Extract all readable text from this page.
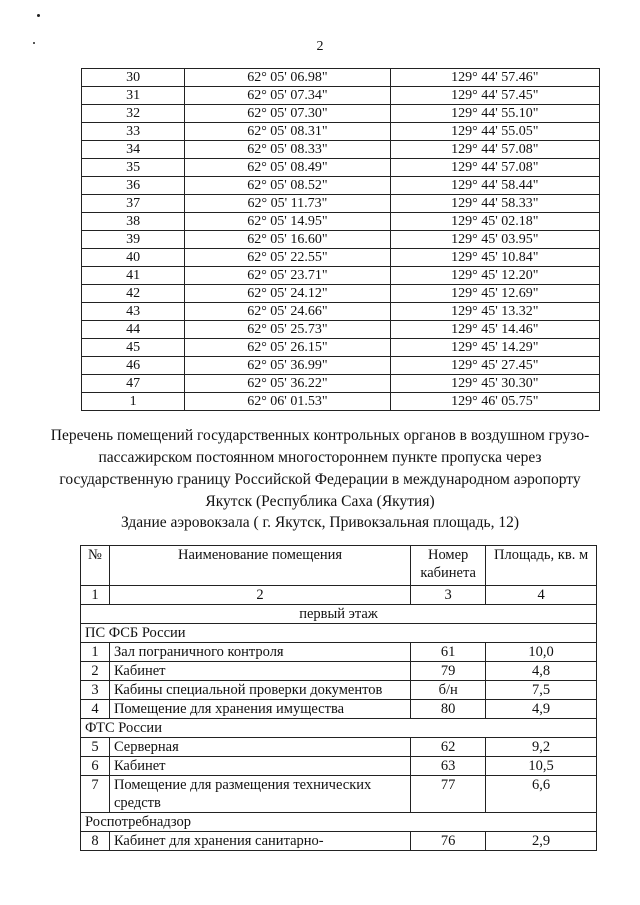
2
30	62° 05' 06.98"	129° 44' 57.46"
31	62° 05' 07.34"	129° 44' 57.45"
32	62° 05' 07.30"	129° 44' 55.10"
33	62° 05' 08.31"	129° 44' 55.05"
34	62° 05' 08.33"	129° 44' 57.08"
35	62° 05' 08.49"	129° 44' 57.08"
36	62° 05' 08.52"	129° 44' 58.44"
37	62° 05' 11.73"	129° 44' 58.33"
38	62° 05' 14.95"	129° 45' 02.18"
39	62° 05' 16.60"	129° 45' 03.95"
40	62° 05' 22.55"	129° 45' 10.84"
41	62° 05' 23.71"	129° 45' 12.20"
42	62° 05' 24.12"	129° 45' 12.69"
43	62° 05' 24.66"	129° 45' 13.32"
44	62° 05' 25.73"	129° 45' 14.46"
45	62° 05' 26.15"	129° 45' 14.29"
46	62° 05' 36.99"	129° 45' 27.45"
47	62° 05' 36.22"	129° 45' 30.30"
1	62° 06' 01.53"	129° 46' 05.75"
Перечень помещений государственных контрольных органов в воздушном грузо-пассажирском постоянном многостороннем пункте пропуска через государственную границу Российской Федерации в международном аэропорту Якутск (Республика Саха (Якутия)
Здание аэровокзала ( г. Якутск, Привокзальная площадь, 12)
№	Наименование помещения	Номер кабинета	Площадь, кв. м
1	2	3	4
первый этаж			
ПС ФСБ России			
1	Зал пограничного контроля	61	10,0
2	Кабинет	79	4,8
3	Кабины специальной проверки документов	б/н	7,5
4	Помещение для хранения имущества	80	4,9
ФТС России			
5	Серверная	62	9,2
6	Кабинет	63	10,5
7	Помещение для размещения технических средств	77	6,6
Роспотребнадзор			
8	Кабинет для хранения санитарно-	76	2,9
